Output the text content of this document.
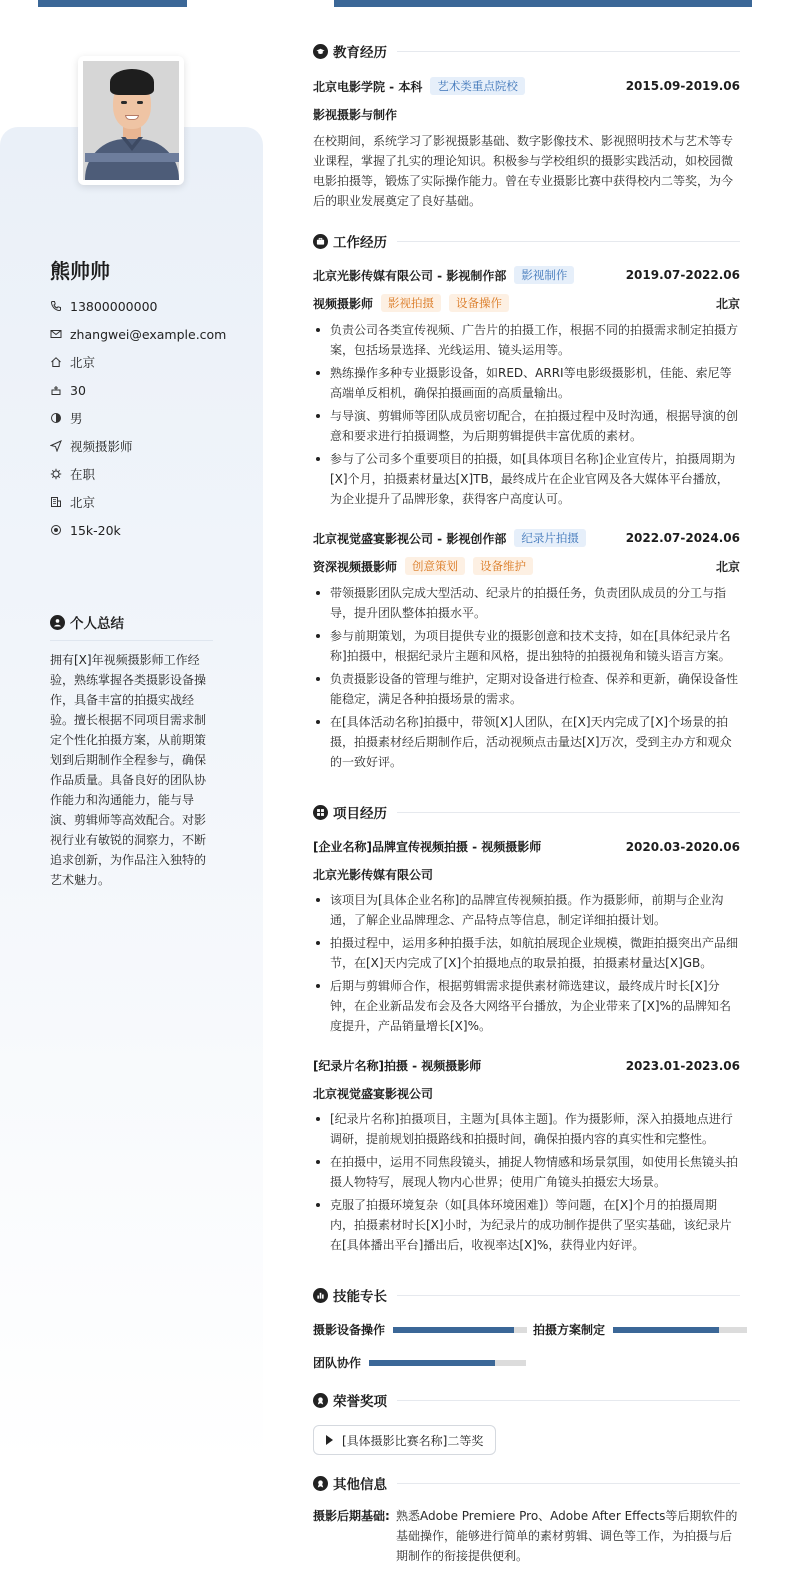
熊帅帅
13800000000
zhangwei@example.com
北京
30
男
视频摄影师
在职
北京
15k-20k
个人总结
拥有[X]年视频摄影师工作经验，熟练掌握各类摄影设备操作，具备丰富的拍摄实战经验。擅长根据不同项目需求制定个性化拍摄方案，从前期策划到后期制作全程参与，确保作品质量。具备良好的团队协作能力和沟通能力，能与导演、剪辑师等高效配合。对影视行业有敏锐的洞察力，不断追求创新，为作品注入独特的艺术魅力。
教育经历
北京电影学院 - 本科	艺术类重点院校	2015.09-2019.06
影视摄影与制作
在校期间，系统学习了影视摄影基础、数字影像技术、影视照明技术与艺术等专业课程，掌握了扎实的理论知识。积极参与学校组织的摄影实践活动，如校园微电影拍摄等，锻炼了实际操作能力。曾在专业摄影比赛中获得校内二等奖，为今后的职业发展奠定了良好基础。
工作经历
北京光影传媒有限公司 - 影视制作部	影视制作	2019.07-2022.06
视频摄影师	影视拍摄	设备操作	北京
负责公司各类宣传视频、广告片的拍摄工作，根据不同的拍摄需求制定拍摄方案，包括场景选择、光线运用、镜头运用等。
熟练操作多种专业摄影设备，如RED、ARRI等电影级摄影机，佳能、索尼等高端单反相机，确保拍摄画面的高质量输出。
与导演、剪辑师等团队成员密切配合，在拍摄过程中及时沟通，根据导演的创意和要求进行拍摄调整，为后期剪辑提供丰富优质的素材。
参与了公司多个重要项目的拍摄，如[具体项目名称]企业宣传片，拍摄周期为[X]个月，拍摄素材量达[X]TB，最终成片在企业官网及各大媒体平台播放，为企业提升了品牌形象，获得客户高度认可。
北京视觉盛宴影视公司 - 影视创作部	纪录片拍摄	2022.07-2024.06
资深视频摄影师	创意策划	设备维护	北京
带领摄影团队完成大型活动、纪录片的拍摄任务，负责团队成员的分工与指导，提升团队整体拍摄水平。
参与前期策划，为项目提供专业的摄影创意和技术支持，如在[具体纪录片名称]拍摄中，根据纪录片主题和风格，提出独特的拍摄视角和镜头语言方案。
负责摄影设备的管理与维护，定期对设备进行检查、保养和更新，确保设备性能稳定，满足各种拍摄场景的需求。
在[具体活动名称]拍摄中，带领[X]人团队，在[X]天内完成了[X]个场景的拍摄，拍摄素材经后期制作后，活动视频点击量达[X]万次，受到主办方和观众的一致好评。
项目经历
[企业名称]品牌宣传视频拍摄 - 视频摄影师	2020.03-2020.06
北京光影传媒有限公司
该项目为[具体企业名称]的品牌宣传视频拍摄。作为摄影师，前期与企业沟通，了解企业品牌理念、产品特点等信息，制定详细拍摄计划。
拍摄过程中，运用多种拍摄手法，如航拍展现企业规模，微距拍摄突出产品细节，在[X]天内完成了[X]个拍摄地点的取景拍摄，拍摄素材量达[X]GB。
后期与剪辑师合作，根据剪辑需求提供素材筛选建议，最终成片时长[X]分钟，在企业新品发布会及各大网络平台播放，为企业带来了[X]%的品牌知名度提升，产品销量增长[X]%。
[纪录片名称]拍摄 - 视频摄影师	2023.01-2023.06
北京视觉盛宴影视公司
[纪录片名称]拍摄项目，主题为[具体主题]。作为摄影师，深入拍摄地点进行调研，提前规划拍摄路线和拍摄时间，确保拍摄内容的真实性和完整性。
在拍摄中，运用不同焦段镜头，捕捉人物情感和场景氛围，如使用长焦镜头拍摄人物特写，展现人物内心世界；使用广角镜头拍摄宏大场景。
克服了拍摄环境复杂（如[具体环境困难]）等问题，在[X]个月的拍摄周期内，拍摄素材时长[X]小时，为纪录片的成功制作提供了坚实基础，该纪录片在[具体播出平台]播出后，收视率达[X]%，获得业内好评。
技能专长
摄影设备操作	拍摄方案制定
团队协作
荣誉奖项
[具体摄影比赛名称]二等奖
其他信息
摄影后期基础: 熟悉Adobe Premiere Pro、Adobe After Effects等后期软件的基础操作，能够进行简单的素材剪辑、调色等工作，为拍摄与后期制作的衔接提供便利。
